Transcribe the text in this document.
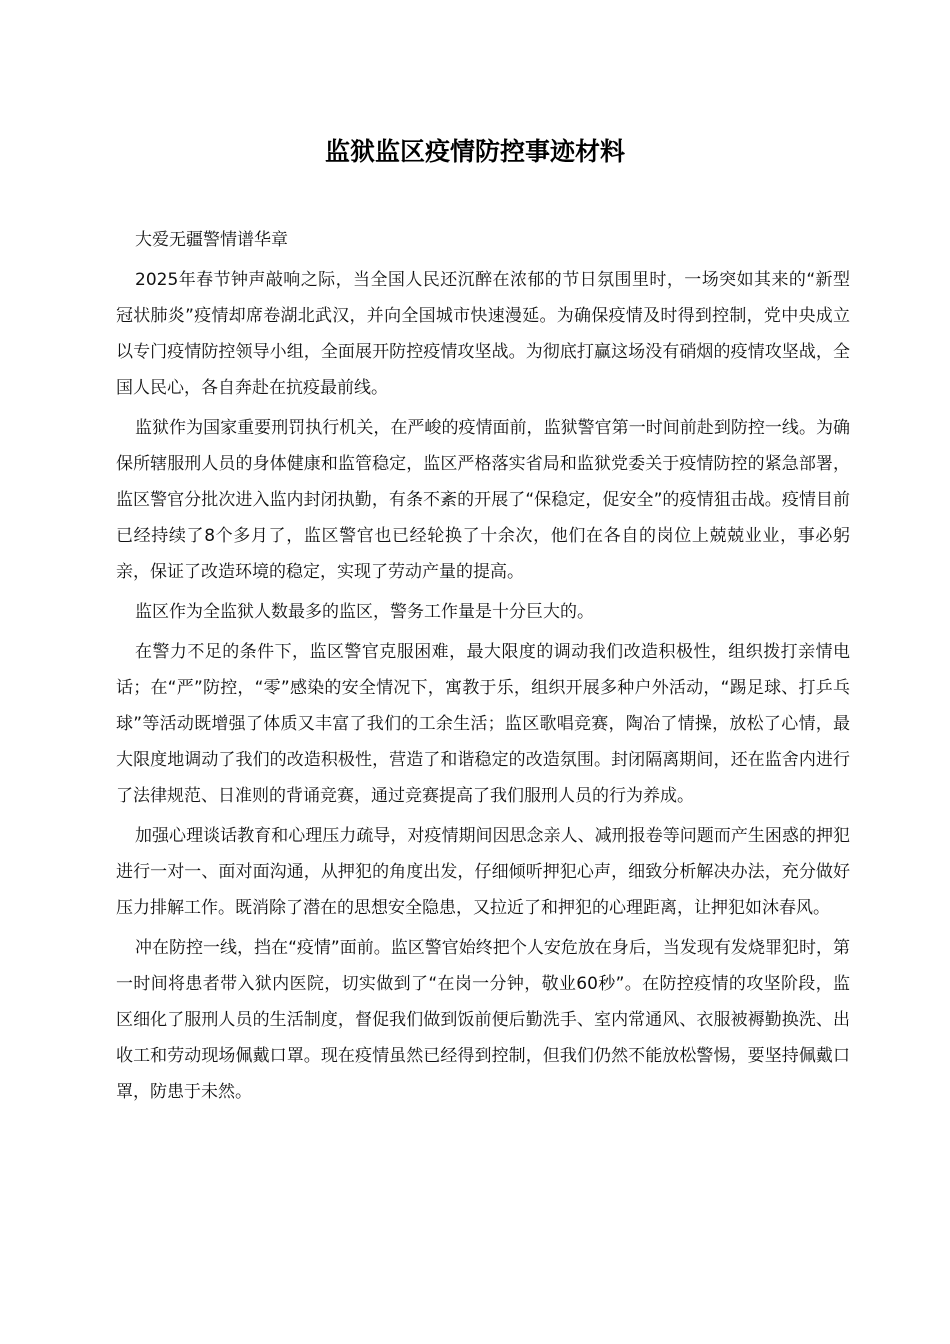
监狱监区疫情防控事迹材料

大爱无疆警情谱华章

2025年春节钟声敲响之际，当全国人民还沉醉在浓郁的节日氛围里时，一场突如其来的“新型冠状肺炎”疫情却席卷湖北武汉，并向全国城市快速漫延。为确保疫情及时得到控制，党中央成立以专门疫情防控领导小组，全面展开防控疫情攻坚战。为彻底打赢这场没有硝烟的疫情攻坚战，全国人民心，各自奔赴在抗疫最前线。

监狱作为国家重要刑罚执行机关，在严峻的疫情面前，监狱警官第一时间前赴到防控一线。为确保所辖服刑人员的身体健康和监管稳定，监区严格落实省局和监狱党委关于疫情防控的紧急部署，监区警官分批次进入监内封闭执勤，有条不紊的开展了“保稳定，促安全”的疫情狙击战。疫情目前已经持续了8个多月了，监区警官也已经轮换了十余次，他们在各自的岗位上兢兢业业，事必躬亲，保证了改造环境的稳定，实现了劳动产量的提高。

监区作为全监狱人数最多的监区，警务工作量是十分巨大的。

在警力不足的条件下，监区警官克服困难，最大限度的调动我们改造积极性，组织拨打亲情电话；在“严”防控，“零”感染的安全情况下，寓教于乐，组织开展多种户外活动，“踢足球、打乒乓球”等活动既增强了体质又丰富了我们的工余生活；监区歌唱竞赛，陶冶了情操，放松了心情，最大限度地调动了我们的改造积极性，营造了和谐稳定的改造氛围。封闭隔离期间，还在监舍内进行了法律规范、日准则的背诵竞赛，通过竞赛提高了我们服刑人员的行为养成。

加强心理谈话教育和心理压力疏导，对疫情期间因思念亲人、减刑报卷等问题而产生困惑的押犯进行一对一、面对面沟通，从押犯的角度出发，仔细倾听押犯心声，细致分析解决办法，充分做好压力排解工作。既消除了潜在的思想安全隐患，又拉近了和押犯的心理距离，让押犯如沐春风。

冲在防控一线，挡在“疫情”面前。监区警官始终把个人安危放在身后，当发现有发烧罪犯时，第一时间将患者带入狱内医院，切实做到了“在岗一分钟，敬业60秒”。在防控疫情的攻坚阶段，监区细化了服刑人员的生活制度，督促我们做到饭前便后勤洗手、室内常通风、衣服被褥勤换洗、出收工和劳动现场佩戴口罩。现在疫情虽然已经得到控制，但我们仍然不能放松警惕，要坚持佩戴口罩，防患于未然。
